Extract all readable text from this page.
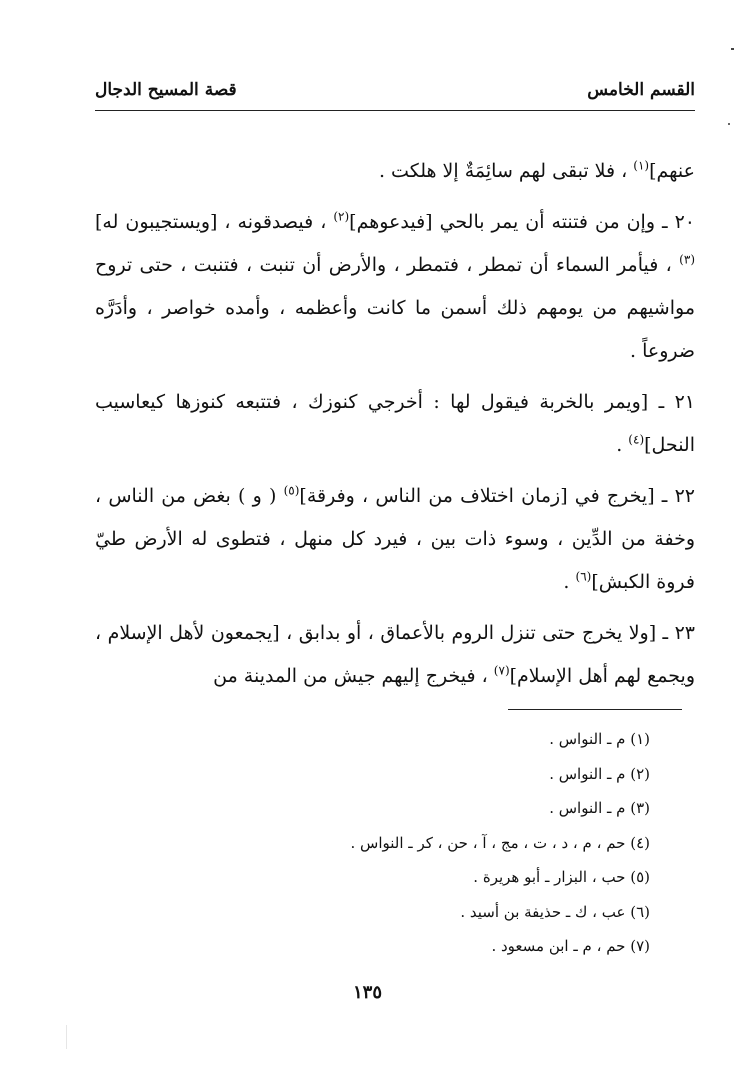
القسم الخامس
قصة المسيح الدجال

عنهم]$^{(١)}$ ، فلا تبقى لهم سائِمَةٌ إلا هلكت .

٢٠ ـ وإن من فتنته أن يمر بالحي [فيدعوهم]$^{(٢)}$ ، فيصدقونه ، [ويستجيبون له]$^{(٣)}$ ، فيأمر السماء أن تمطر ، فتمطر ، والأرض أن تنبت ، فتنبت ، حتى تروح مواشيهم من يومهم ذلك أسمن ما كانت وأعظمه ، وأمده خواصر ، وأدَرَّه ضروعاً .

٢١ ـ [ويمر بالخربة فيقول لها : أخرجي كنوزك ، فتتبعه كنوزها كيعاسيب النحل]$^{(٤)}$ .

٢٢ ـ [يخرج في [زمان اختلاف من الناس ، وفرقة]$^{(٥)}$ ( و ) بغض من الناس ، وخفة من الدِّين ، وسوء ذات بين ، فيرد كل منهل ، فتطوى له الأرض طيّ فروة الكبش]$^{(٦)}$ .

٢٣ ـ [ولا يخرج حتى تنزل الروم بالأعماق ، أو بدابق ، [يجمعون لأهل الإسلام ، ويجمع لهم أهل الإسلام]$^{(٧)}$ ، فيخرج إليهم جيش من المدينة من

(١) م ـ النواس .

(٢) م ـ النواس .

(٣) م ـ النواس .

(٤) حم ، م ، د ، ت ، مج ، آ ، حن ، كر ـ النواس .

(٥) حب ، البزار ـ أبو هريرة .

(٦) عب ، ك ـ حذيفة بن أسيد .

(٧) حم ، م ـ ابن مسعود .

١٣٥
